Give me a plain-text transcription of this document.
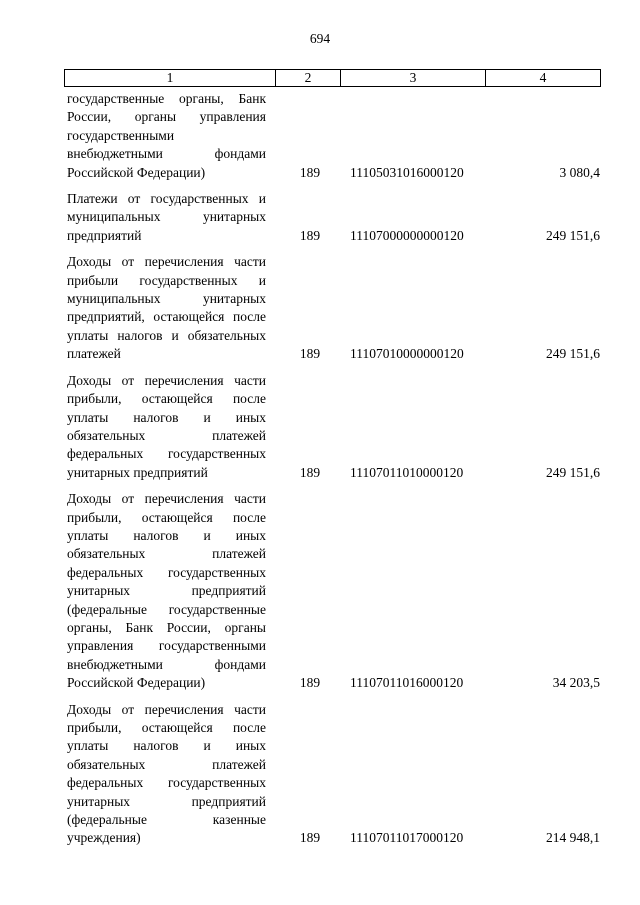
694
1	2	3	4
государственные органы, Банк России, органы управления государственными внебюджетными фондами Российской Федерации)	189	11105031016000120	3 080,4
Платежи от государственных и муниципальных унитарных предприятий	189	11107000000000120	249 151,6
Доходы от перечисления части прибыли государственных и муниципальных унитарных предприятий, остающейся после уплаты налогов и обязательных платежей	189	11107010000000120	249 151,6
Доходы от перечисления части прибыли, остающейся после уплаты налогов и иных обязательных платежей федеральных государственных унитарных предприятий	189	11107011010000120	249 151,6
Доходы от перечисления части прибыли, остающейся после уплаты налогов и иных обязательных платежей федеральных государственных унитарных предприятий (федеральные государственные органы, Банк России, органы управления государственными внебюджетными фондами Российской Федерации)	189	11107011016000120	34 203,5
Доходы от перечисления части прибыли, остающейся после уплаты налогов и иных обязательных платежей федеральных государственных унитарных предприятий (федеральные казенные учреждения)	189	11107011017000120	214 948,1
